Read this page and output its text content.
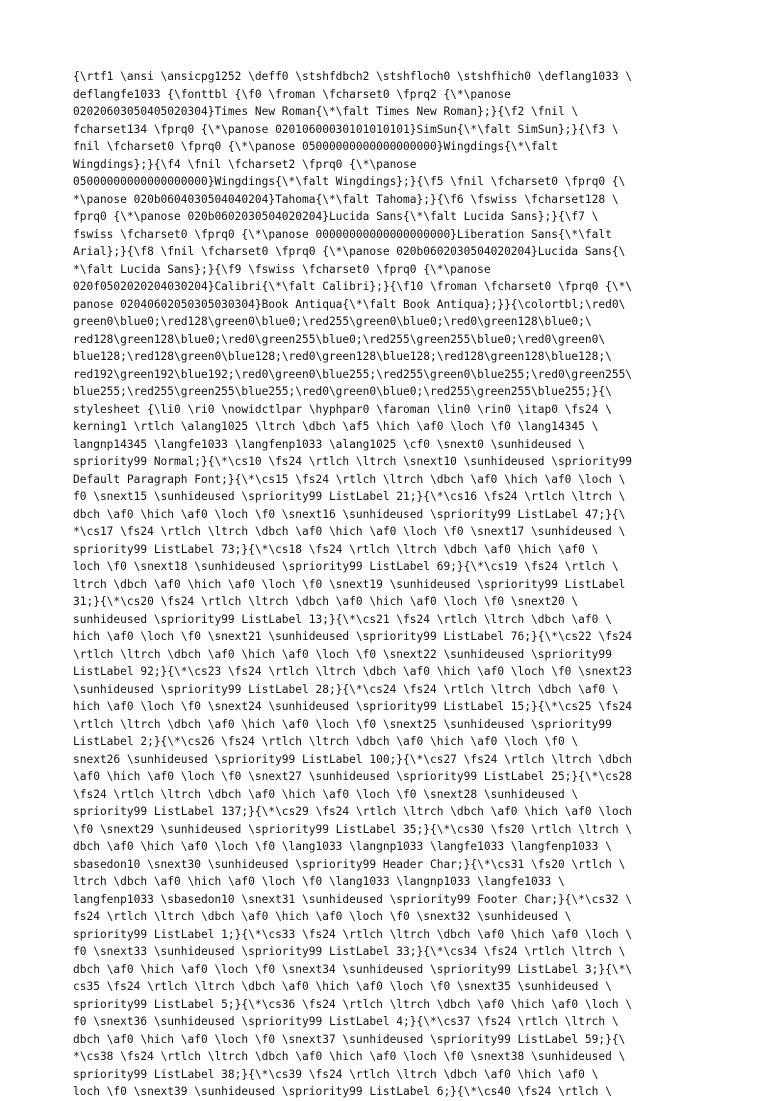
{\rtf1 \ansi \ansicpg1252 \deff0 \stshfdbch2 \stshfloch0 \stshfhich0 \deflang1033 \
deflangfe1033 {\fonttbl {\f0 \froman \fcharset0 \fprq2 {\*\panose
02020603050405020304}Times New Roman{\*\falt Times New Roman};}{\f2 \fnil \
fcharset134 \fprq0 {\*\panose 02010600030101010101}SimSun{\*\falt SimSun};}{\f3 \
fnil \fcharset0 \fprq0 {\*\panose 05000000000000000000}Wingdings{\*\falt
Wingdings};}{\f4 \fnil \fcharset2 \fprq0 {\*\panose
05000000000000000000}Wingdings{\*\falt Wingdings};}{\f5 \fnil \fcharset0 \fprq0 {\
*\panose 020b0604030504040204}Tahoma{\*\falt Tahoma};}{\f6 \fswiss \fcharset128 \
fprq0 {\*\panose 020b0602030504020204}Lucida Sans{\*\falt Lucida Sans};}{\f7 \
fswiss \fcharset0 \fprq0 {\*\panose 00000000000000000000}Liberation Sans{\*\falt
Arial};}{\f8 \fnil \fcharset0 \fprq0 {\*\panose 020b0602030504020204}Lucida Sans{\
*\falt Lucida Sans};}{\f9 \fswiss \fcharset0 \fprq0 {\*\panose
020f0502020204030204}Calibri{\*\falt Calibri};}{\f10 \froman \fcharset0 \fprq0 {\*\
panose 02040602050305030304}Book Antiqua{\*\falt Book Antiqua};}}{\colortbl;\red0\
green0\blue0;\red128\green0\blue0;\red255\green0\blue0;\red0\green128\blue0;\
red128\green128\blue0;\red0\green255\blue0;\red255\green255\blue0;\red0\green0\
blue128;\red128\green0\blue128;\red0\green128\blue128;\red128\green128\blue128;\
red192\green192\blue192;\red0\green0\blue255;\red255\green0\blue255;\red0\green255\
blue255;\red255\green255\blue255;\red0\green0\blue0;\red255\green255\blue255;}{\
stylesheet {\li0 \ri0 \nowidctlpar \hyphpar0 \faroman \lin0 \rin0 \itap0 \fs24 \
kerning1 \rtlch \alang1025 \ltrch \dbch \af5 \hich \af0 \loch \f0 \lang14345 \
langnp14345 \langfe1033 \langfenp1033 \alang1025 \cf0 \snext0 \sunhideused \
spriority99 Normal;}{\*\cs10 \fs24 \rtlch \ltrch \snext10 \sunhideused \spriority99
Default Paragraph Font;}{\*\cs15 \fs24 \rtlch \ltrch \dbch \af0 \hich \af0 \loch \
f0 \snext15 \sunhideused \spriority99 ListLabel 21;}{\*\cs16 \fs24 \rtlch \ltrch \
dbch \af0 \hich \af0 \loch \f0 \snext16 \sunhideused \spriority99 ListLabel 47;}{\
*\cs17 \fs24 \rtlch \ltrch \dbch \af0 \hich \af0 \loch \f0 \snext17 \sunhideused \
spriority99 ListLabel 73;}{\*\cs18 \fs24 \rtlch \ltrch \dbch \af0 \hich \af0 \
loch \f0 \snext18 \sunhideused \spriority99 ListLabel 69;}{\*\cs19 \fs24 \rtlch \
ltrch \dbch \af0 \hich \af0 \loch \f0 \snext19 \sunhideused \spriority99 ListLabel
31;}{\*\cs20 \fs24 \rtlch \ltrch \dbch \af0 \hich \af0 \loch \f0 \snext20 \
sunhideused \spriority99 ListLabel 13;}{\*\cs21 \fs24 \rtlch \ltrch \dbch \af0 \
hich \af0 \loch \f0 \snext21 \sunhideused \spriority99 ListLabel 76;}{\*\cs22 \fs24
\rtlch \ltrch \dbch \af0 \hich \af0 \loch \f0 \snext22 \sunhideused \spriority99
ListLabel 92;}{\*\cs23 \fs24 \rtlch \ltrch \dbch \af0 \hich \af0 \loch \f0 \snext23
\sunhideused \spriority99 ListLabel 28;}{\*\cs24 \fs24 \rtlch \ltrch \dbch \af0 \
hich \af0 \loch \f0 \snext24 \sunhideused \spriority99 ListLabel 15;}{\*\cs25 \fs24
\rtlch \ltrch \dbch \af0 \hich \af0 \loch \f0 \snext25 \sunhideused \spriority99
ListLabel 2;}{\*\cs26 \fs24 \rtlch \ltrch \dbch \af0 \hich \af0 \loch \f0 \
snext26 \sunhideused \spriority99 ListLabel 100;}{\*\cs27 \fs24 \rtlch \ltrch \dbch
\af0 \hich \af0 \loch \f0 \snext27 \sunhideused \spriority99 ListLabel 25;}{\*\cs28
\fs24 \rtlch \ltrch \dbch \af0 \hich \af0 \loch \f0 \snext28 \sunhideused \
spriority99 ListLabel 137;}{\*\cs29 \fs24 \rtlch \ltrch \dbch \af0 \hich \af0 \loch
\f0 \snext29 \sunhideused \spriority99 ListLabel 35;}{\*\cs30 \fs20 \rtlch \ltrch \
dbch \af0 \hich \af0 \loch \f0 \lang1033 \langnp1033 \langfe1033 \langfenp1033 \
sbasedon10 \snext30 \sunhideused \spriority99 Header Char;}{\*\cs31 \fs20 \rtlch \
ltrch \dbch \af0 \hich \af0 \loch \f0 \lang1033 \langnp1033 \langfe1033 \
langfenp1033 \sbasedon10 \snext31 \sunhideused \spriority99 Footer Char;}{\*\cs32 \
fs24 \rtlch \ltrch \dbch \af0 \hich \af0 \loch \f0 \snext32 \sunhideused \
spriority99 ListLabel 1;}{\*\cs33 \fs24 \rtlch \ltrch \dbch \af0 \hich \af0 \loch \
f0 \snext33 \sunhideused \spriority99 ListLabel 33;}{\*\cs34 \fs24 \rtlch \ltrch \
dbch \af0 \hich \af0 \loch \f0 \snext34 \sunhideused \spriority99 ListLabel 3;}{\*\
cs35 \fs24 \rtlch \ltrch \dbch \af0 \hich \af0 \loch \f0 \snext35 \sunhideused \
spriority99 ListLabel 5;}{\*\cs36 \fs24 \rtlch \ltrch \dbch \af0 \hich \af0 \loch \
f0 \snext36 \sunhideused \spriority99 ListLabel 4;}{\*\cs37 \fs24 \rtlch \ltrch \
dbch \af0 \hich \af0 \loch \f0 \snext37 \sunhideused \spriority99 ListLabel 59;}{\
*\cs38 \fs24 \rtlch \ltrch \dbch \af0 \hich \af0 \loch \f0 \snext38 \sunhideused \
spriority99 ListLabel 38;}{\*\cs39 \fs24 \rtlch \ltrch \dbch \af0 \hich \af0 \
loch \f0 \snext39 \sunhideused \spriority99 ListLabel 6;}{\*\cs40 \fs24 \rtlch \
